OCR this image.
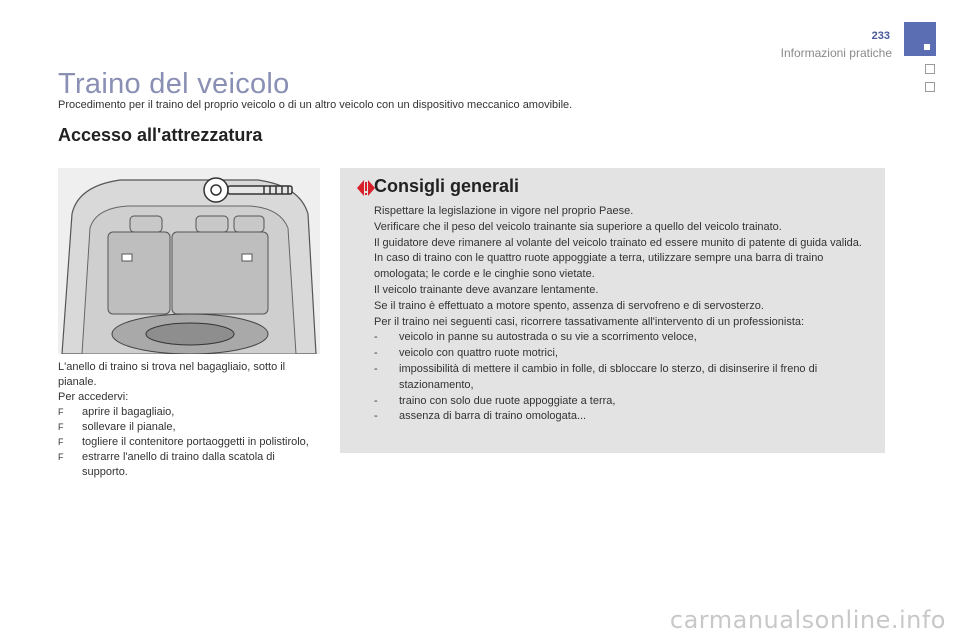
233
Informazioni pratiche
Traino del veicolo
Procedimento per il traino del proprio veicolo o di un altro veicolo con un dispositivo meccanico amovibile.
Accesso all'attrezzatura

L'anello di traino si trova nel bagagliaio, sotto il pianale.

Per accedervi:

F aprire il bagagliaio,
F sollevare il pianale,
F togliere il contenitore portaoggetti in polistirolo,
F estrarre l'anello di traino dalla scatola di supporto.
Consigli generali

Rispettare la legislazione in vigore nel proprio Paese.

Verificare che il peso del veicolo trainante sia superiore a quello del veicolo trainato.

Il guidatore deve rimanere al volante del veicolo trainato ed essere munito di patente di guida valida.

In caso di traino con le quattro ruote appoggiate a terra, utilizzare sempre una barra di traino omologata; le corde e le cinghie sono vietate.

Il veicolo trainante deve avanzare lentamente.

Se il traino è effettuato a motore spento, assenza di servofreno e di servosterzo.

Per il traino nei seguenti casi, ricorrere tassativamente all'intervento di un professionista:

- veicolo in panne su autostrada o su vie a scorrimento veloce,
- veicolo con quattro ruote motrici,
- impossibilità di mettere il cambio in folle, di sbloccare lo sterzo, di disinserire il freno di stazionamento,
- traino con solo due ruote appoggiate a terra,
- assenza di barra di traino omologata...
carmanualsonline.info
